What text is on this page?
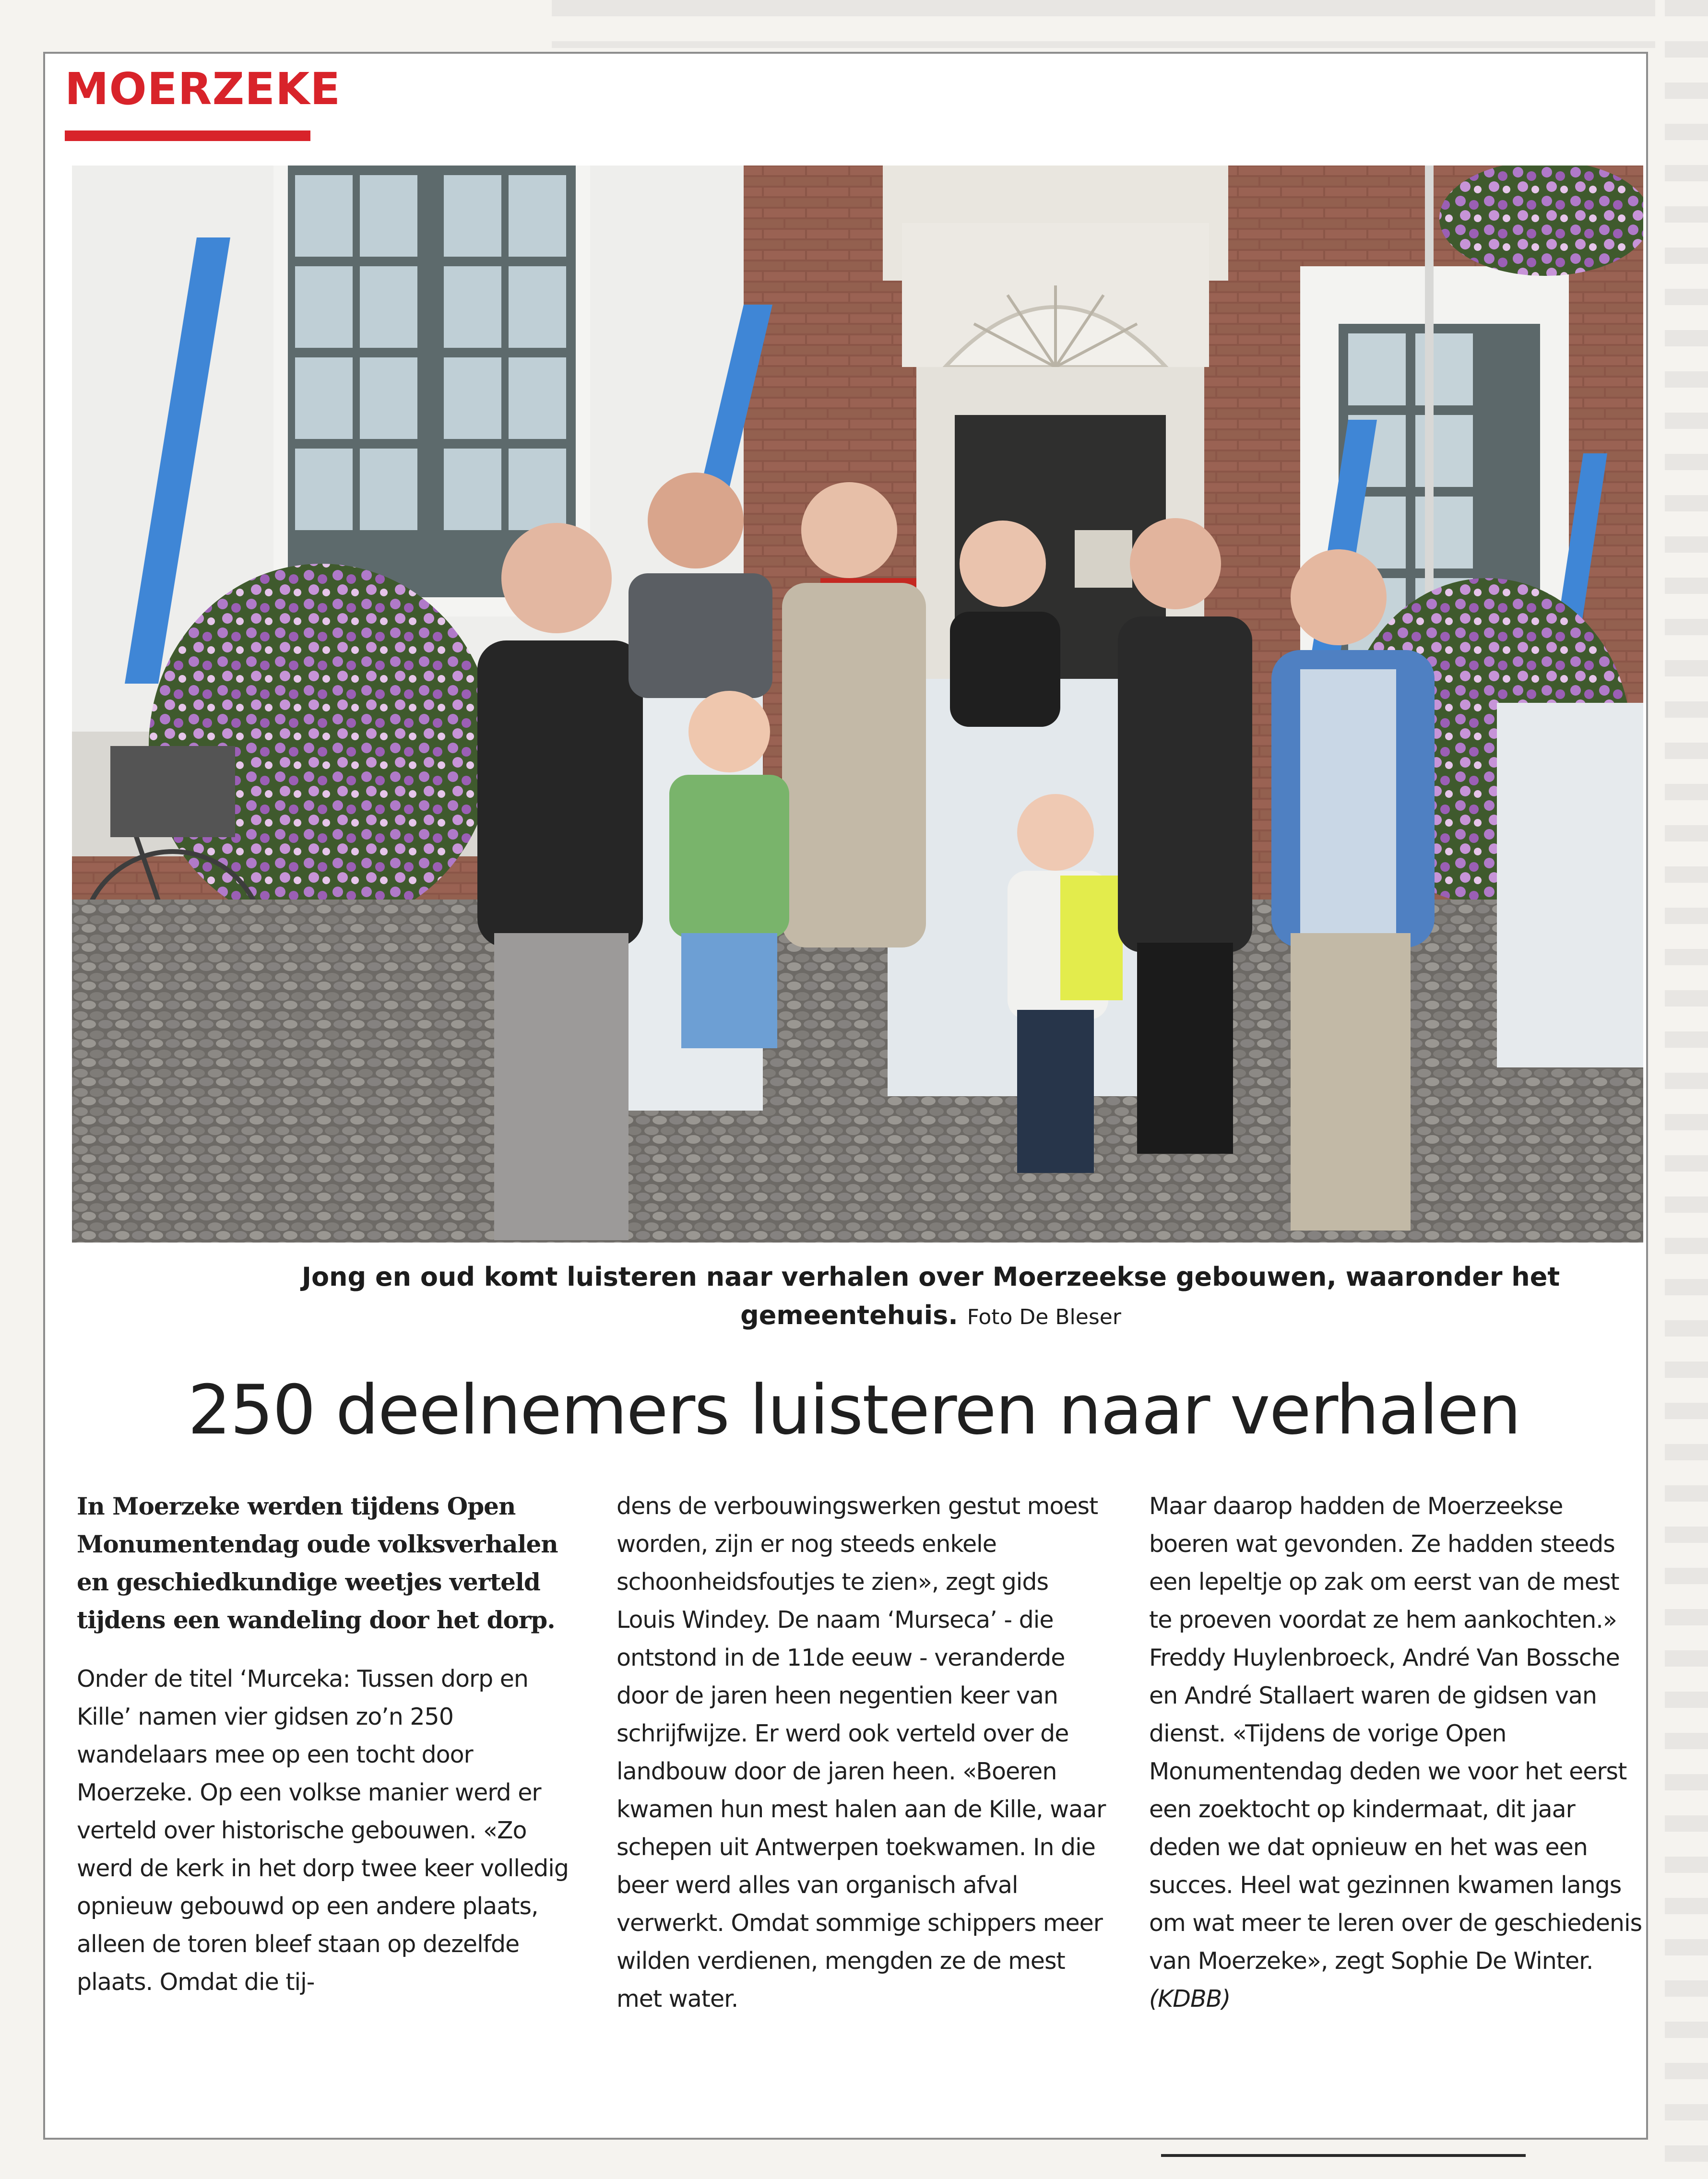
MOERZEKE
Jong en oud komt luisteren naar verhalen over Moerzeekse gebouwen, waaronder het gemeentehuis. Foto De Bleser
250 deelnemers luisteren naar verhalen

In Moerzeke werden tijdens Open Monumentendag oude volksverhalen en geschiedkundige weetjes verteld tijdens een wandeling door het dorp.

Onder de titel ‘Murceka: Tussen dorp en Kille’ namen vier gidsen zo’n 250 wandelaars mee op een tocht door Moerzeke. Op een volkse manier werd er verteld over historische gebouwen. «Zo werd de kerk in het dorp twee keer volledig opnieuw gebouwd op een andere plaats, alleen de toren bleef staan op dezelfde plaats. Omdat die tij-

dens de verbouwingswerken gestut moest worden, zijn er nog steeds enkele schoonheidsfoutjes te zien», zegt gids Louis Windey. De naam ‘Murseca’ - die ontstond in de 11de eeuw - veranderde door de jaren heen negentien keer van schrijfwijze. Er werd ook verteld over de landbouw door de jaren heen. «Boeren kwamen hun mest halen aan de Kille, waar schepen uit Antwerpen toekwamen. In die beer werd alles van organisch afval verwerkt. Omdat sommige schippers meer wilden verdienen, mengden ze de mest met water.

Maar daarop hadden de Moerzeekse boeren wat gevonden. Ze hadden steeds een lepeltje op zak om eerst van de mest te proeven voordat ze hem aankochten.» Freddy Huylenbroeck, André Van Bossche en André Stallaert waren de gidsen van dienst. «Tijdens de vorige Open Monumentendag deden we voor het eerst een zoektocht op kindermaat, dit jaar deden we dat opnieuw en het was een succes. Heel wat gezinnen kwamen langs om wat meer te leren over de geschiedenis van Moerzeke», zegt Sophie De Winter. (KDBB)
